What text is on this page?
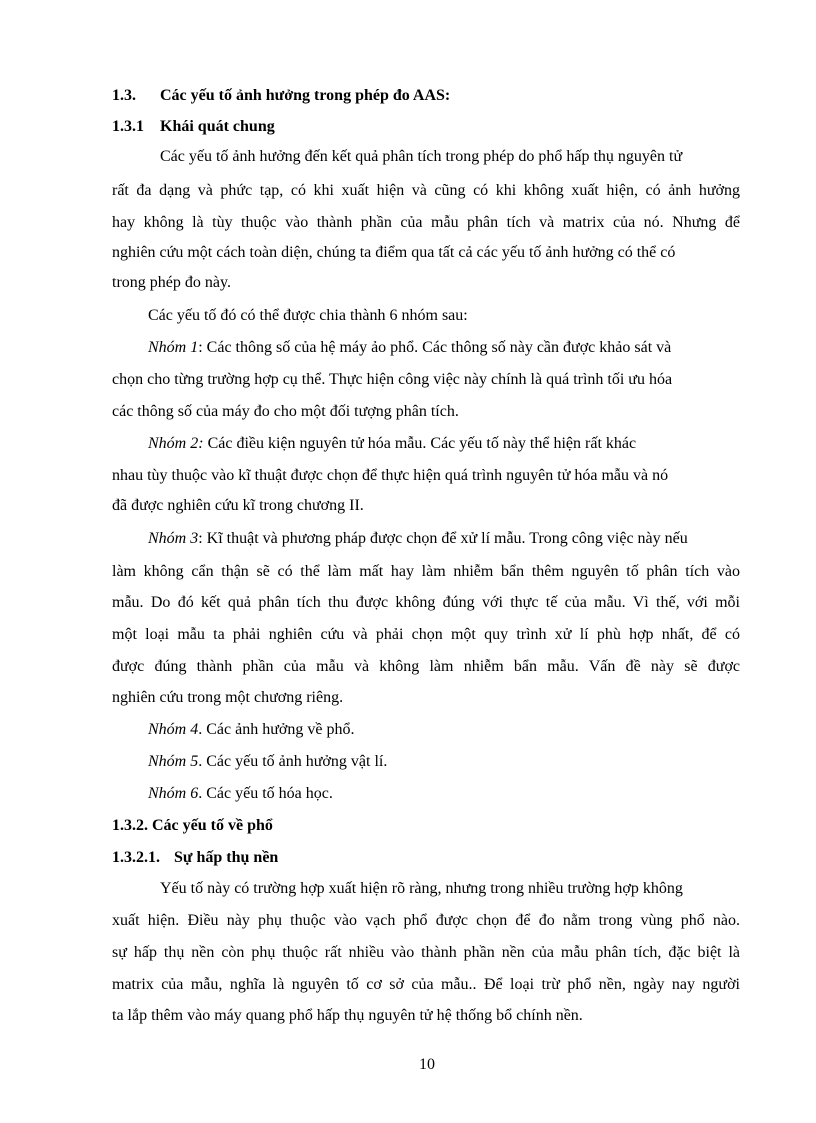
1.3. Các yếu tố ảnh hưởng trong phép đo AAS:
1.3.1 Khái quát chung
Các yếu tố ảnh hưởng đến kết quả phân tích trong phép do phổ hấp thụ nguyên tử
rất đa dạng và phức tạp, có khi xuất hiện và cũng có khi không xuất hiện, có ảnh hưởng
hay không là tùy thuộc vào thành phần của mẫu phân tích và matrix của nó. Nhưng để
nghiên cứu một cách toàn diện, chúng ta điểm qua tất cả các yếu tố ảnh hưởng có thể có
trong phép đo này.
Các yếu tố đó có thể được chia thành 6 nhóm sau:
Nhóm 1: Các thông số của hệ máy ảo phổ. Các thông số này cần được khảo sát và
chọn cho từng trường hợp cụ thể. Thực hiện công việc này chính là quá trình tối ưu hóa
các thông số của máy đo cho một đối tượng phân tích.
Nhóm 2: Các điều kiện nguyên tử hóa mẫu. Các yếu tố này thể hiện rất khác
nhau tùy thuộc vào kĩ thuật được chọn để thực hiện quá trình nguyên tử hóa mẫu và nó
đã được nghiên cứu kĩ trong chương II.
Nhóm 3: Kĩ thuật và phương pháp được chọn để xử lí mẫu. Trong công việc này nếu
làm không cẩn thận sẽ có thể làm mất hay làm nhiễm bẩn thêm nguyên tố phân tích vào
mẫu. Do đó kết quả phân tích thu được không đúng với thực tế của mẫu. Vì thế, với mỗi
một loại mẫu ta phải nghiên cứu và phải chọn một quy trình xử lí phù hợp nhất, để có
được đúng thành phần của mẫu và không làm nhiễm bẩn mẫu. Vấn đề này sẽ được
nghiên cứu trong một chương riêng.
Nhóm 4. Các ảnh hưởng về phổ.
Nhóm 5. Các yếu tố ảnh hưởng vật lí.
Nhóm 6. Các yếu tố hóa học.
1.3.2. Các yếu tố về phổ
1.3.2.1. Sự hấp thụ nền
Yếu tố này có trường hợp xuất hiện rõ ràng, nhưng trong nhiều trường hợp không
xuất hiện. Điều này phụ thuộc vào vạch phổ được chọn để đo nằm trong vùng phổ nào.
sự hấp thụ nền còn phụ thuộc rất nhiều vào thành phần nền của mẫu phân tích, đặc biệt là
matrix của mẫu, nghĩa là nguyên tố cơ sở của mẫu.. Để loại trừ phổ nền, ngày nay người
ta lắp thêm vào máy quang phổ hấp thụ nguyên tử hệ thống bổ chính nền.
10
